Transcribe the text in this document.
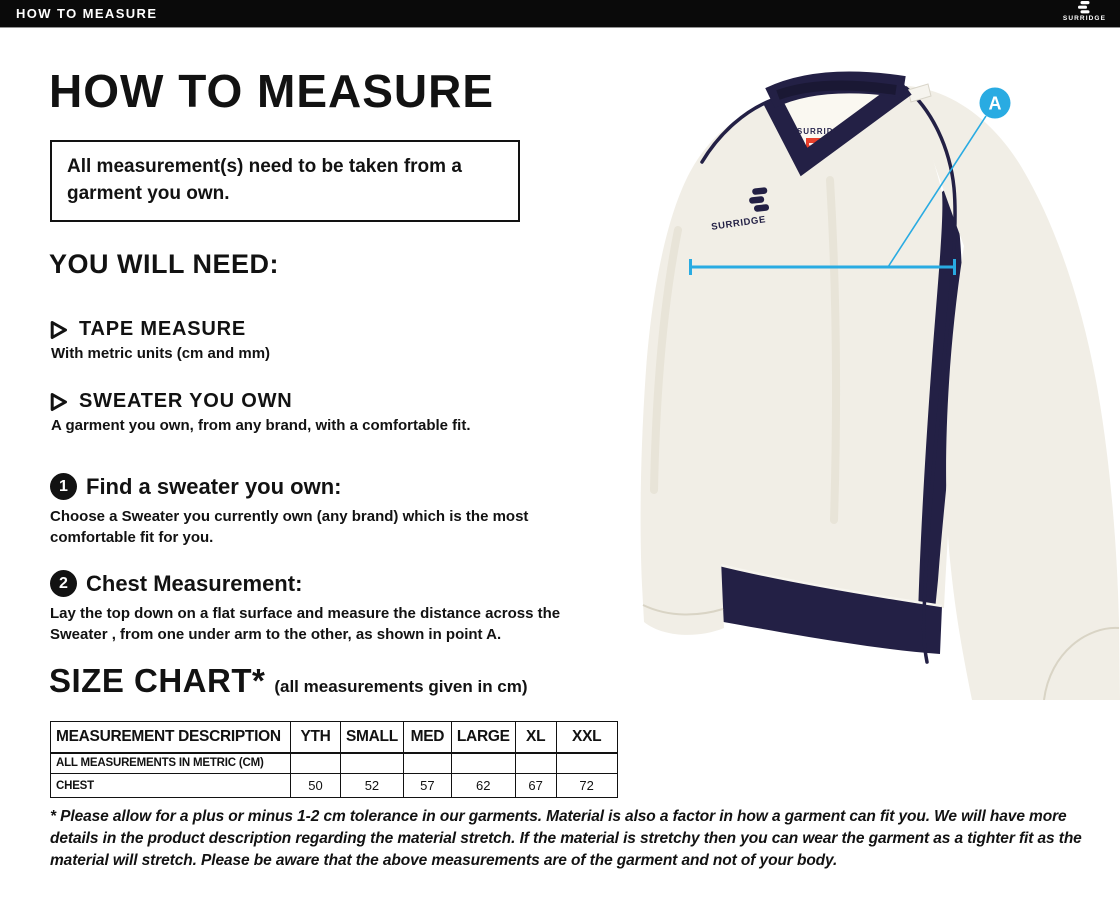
HOW TO MEASURE	SURRIDGE
HOW TO MEASURE

All measurement(s) need to be taken from a garment you own.

YOU WILL NEED:
TAPE MEASURE

With metric units (cm and mm)

SWEATER YOU OWN

A garment you own, from any brand, with a comfortable fit.

1 Find a sweater you own:

Choose a Sweater you currently own (any brand) which is the most comfortable fit for you.

2 Chest Measurement:

Lay the top down on a flat surface and measure the distance across the Sweater , from one under arm to the other, as shown in point A.

SIZE CHART* (all measurements given in cm)
MEASUREMENT DESCRIPTION	YTH	SMALL	MED	LARGE	XL	XXL
ALL MEASUREMENTS IN METRIC (CM)						
CHEST	50	52	57	62	67	72

* Please allow for a plus or minus 1-2 cm tolerance in our garments. Material is also a factor in how a garment can fit you. We will have more details in the product description regarding the material stretch. If the material is stretchy then you can wear the garment as a tighter fit as the material will stretch. Please be aware that the above measurements are of the garment and not of your body.

SURRIDGE
SURRIDGE
A
